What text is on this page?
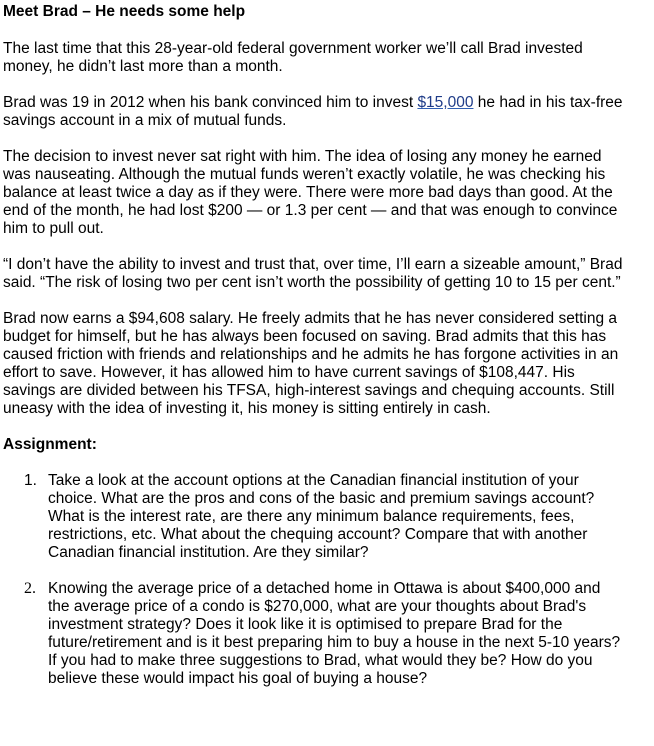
Meet Brad – He needs some help

The last time that this 28-year-old federal government worker we’ll call Brad invested money, he didn’t last more than a month.

Brad was 19 in 2012 when his bank convinced him to invest $15,000 he had in his tax-free savings account in a mix of mutual funds.

The decision to invest never sat right with him. The idea of losing any money he earned was nauseating. Although the mutual funds weren’t exactly volatile, he was checking his balance at least twice a day as if they were. There were more bad days than good. At the end of the month, he had lost $200 — or 1.3 per cent — and that was enough to convince him to pull out.

“I don’t have the ability to invest and trust that, over time, I’ll earn a sizeable amount,” Brad said. “The risk of losing two per cent isn’t worth the possibility of getting 10 to 15 per cent.”

Brad now earns a $94,608 salary. He freely admits that he has never considered setting a budget for himself, but he has always been focused on saving. Brad admits that this has caused friction with friends and relationships and he admits he has forgone activities in an effort to save. However, it has allowed him to have current savings of $108,447. His savings are divided between his TFSA, high-interest savings and chequing accounts. Still uneasy with the idea of investing it, his money is sitting entirely in cash.

Assignment:
1. Take a look at the account options at the Canadian financial institution of your choice. What are the pros and cons of the basic and premium savings account? What is the interest rate, are there any minimum balance requirements, fees, restrictions, etc. What about the chequing account? Compare that with another Canadian financial institution. Are they similar?
2. Knowing the average price of a detached home in Ottawa is about $400,000 and the average price of a condo is $270,000, what are your thoughts about Brad's investment strategy? Does it look like it is optimised to prepare Brad for the future/retirement and is it best preparing him to buy a house in the next 5-10 years? If you had to make three suggestions to Brad, what would they be? How do you believe these would impact his goal of buying a house?
